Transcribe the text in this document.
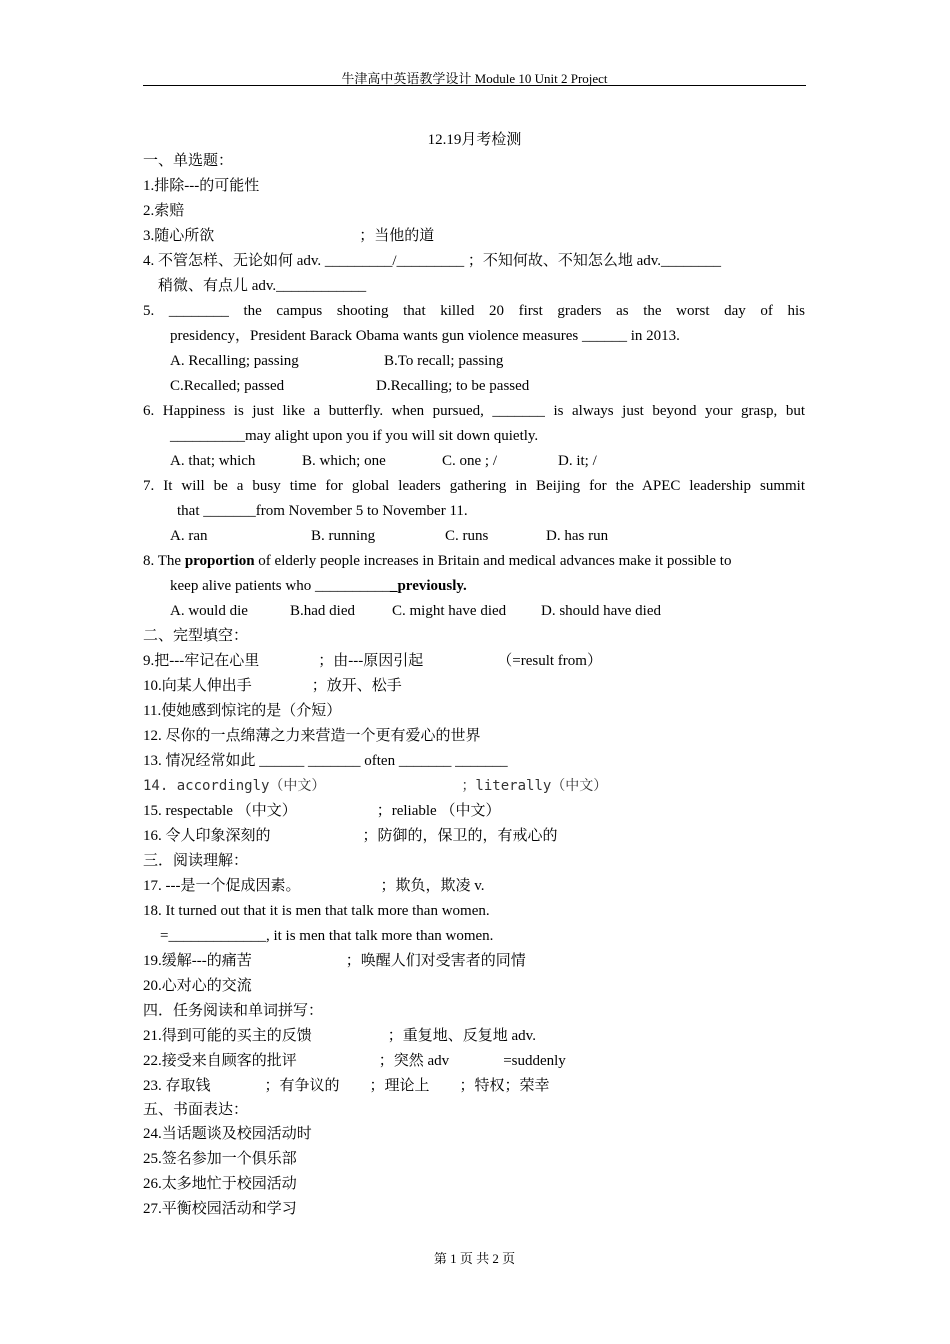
牛津高中英语教学设计 Module 10 Unit 2 Project
12.19月考检测
一、单选题：
1.排除---的可能性
2.索赔
3.随心所欲	；当他的道
4. 不管怎样、无论如何 adv. _________/_________ ；不知何故、不知怎么地 adv.________
稍微、有点儿 adv.____________
5. ________ the campus shooting that killed 20 first graders as the worst day of his
presidency，President Barack Obama wants gun violence measures ______ in 2013.
A. Recalling; passing	B.To recall; passing
C.Recalled; passed	D.Recalling; to be passed
6. Happiness is just like a butterfly. when pursued, _______ is always just beyond your grasp, but
__________may alight upon you if you will sit down quietly.
A. that; which	B. which; one	C. one ; /	D. it; /
7. It will be a busy time for global leaders gathering in Beijing for the APEC leadership summit
that _______from November 5 to November 11.
A. ran	B. running	C. runs	D. has run
8. The proportion of elderly people increases in Britain and medical advances make it possible to
keep alive patients who ___________previously.
A. would die	B.had died C. might have died D. should have died
二、完型填空：
9.把---牢记在心里	；由---原因引起	（=result from）
10.向某人伸出手	；放开、松手
11.使她感到惊诧的是（介短）
12. 尽你的一点绵薄之力来营造一个更有爱心的世界
13. 情况经常如此 ______ _______ often _______ _______
14. accordingly（中文）	；literally（中文）
15. respectable （中文）	；reliable （中文）
16. 令人印象深刻的	；防御的，保卫的，有戒心的
三．阅读理解：
17. ---是一个促成因素。	；欺负，欺凌 v.
18. It turned out that it is men that talk more than women.
=_____________, it is men that talk more than women.
19.缓解---的痛苦	；唤醒人们对受害者的同情
20.心对心的交流
四．任务阅读和单词拼写：
21.得到可能的买主的反馈	；重复地、反复地 adv.
22.接受来自顾客的批评	；突然 adv	=suddenly
23. 存取钱	；有争议的 ；理论上 ；特权；荣幸
五、书面表达：
24.当话题谈及校园活动时
25.签名参加一个俱乐部
26.太多地忙于校园活动
27.平衡校园活动和学习
第 1 页 共 2 页
